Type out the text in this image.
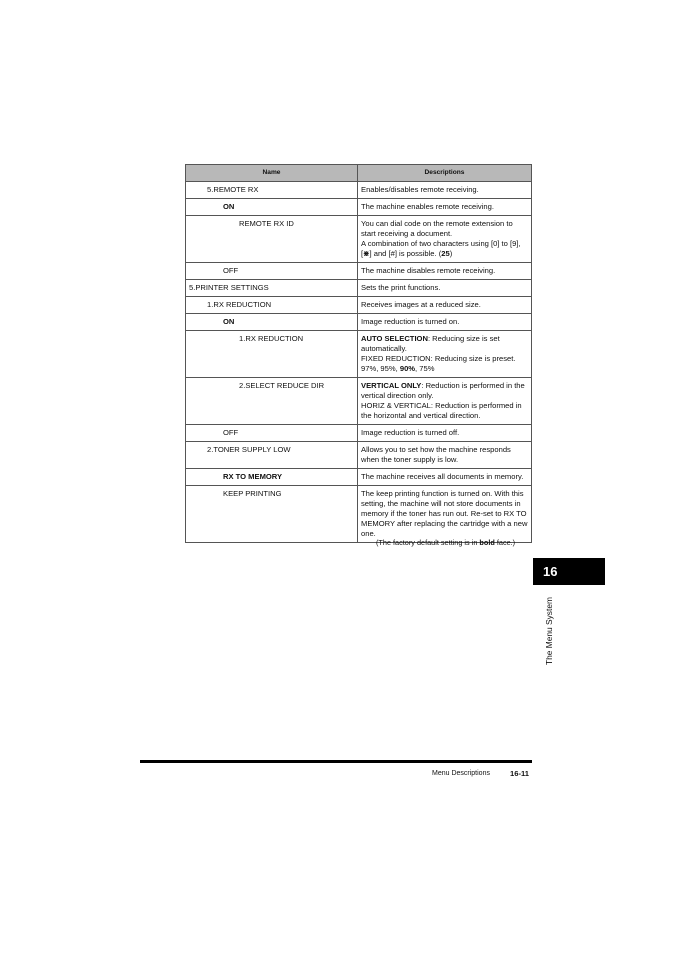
Name	Descriptions
5.REMOTE RX	Enables/disables remote receiving.
ON	The machine enables remote receiving.
REMOTE RX ID	You can dial code on the remote extension to start receiving a document.
A combination of two characters using [0] to [9],
[⋇] and [#] is possible. (25)
OFF	The machine disables remote receiving.
5.PRINTER SETTINGS	Sets the print functions.
1.RX REDUCTION	Receives images at a reduced size.
ON	Image reduction is turned on.
1.RX REDUCTION	AUTO SELECTION: Reducing size is set automatically.
FIXED REDUCTION: Reducing size is preset.
97%, 95%, 90%, 75%
2.SELECT REDUCE DIR	VERTICAL ONLY: Reduction is performed in the vertical direction only.
HORIZ & VERTICAL: Reduction is performed in the horizontal and vertical direction.
OFF	Image reduction is turned off.
2.TONER SUPPLY LOW	Allows you to set how the machine responds when the toner supply is low.
RX TO MEMORY	The machine receives all documents in memory.
KEEP PRINTING	The keep printing function is turned on. With this setting, the machine will not store documents in memory if the toner has run out. Re-set to RX TO MEMORY after replacing the cartridge with a new one.
(The factory default setting is in bold face.)
16
The Menu System
Menu Descriptions	16-11
